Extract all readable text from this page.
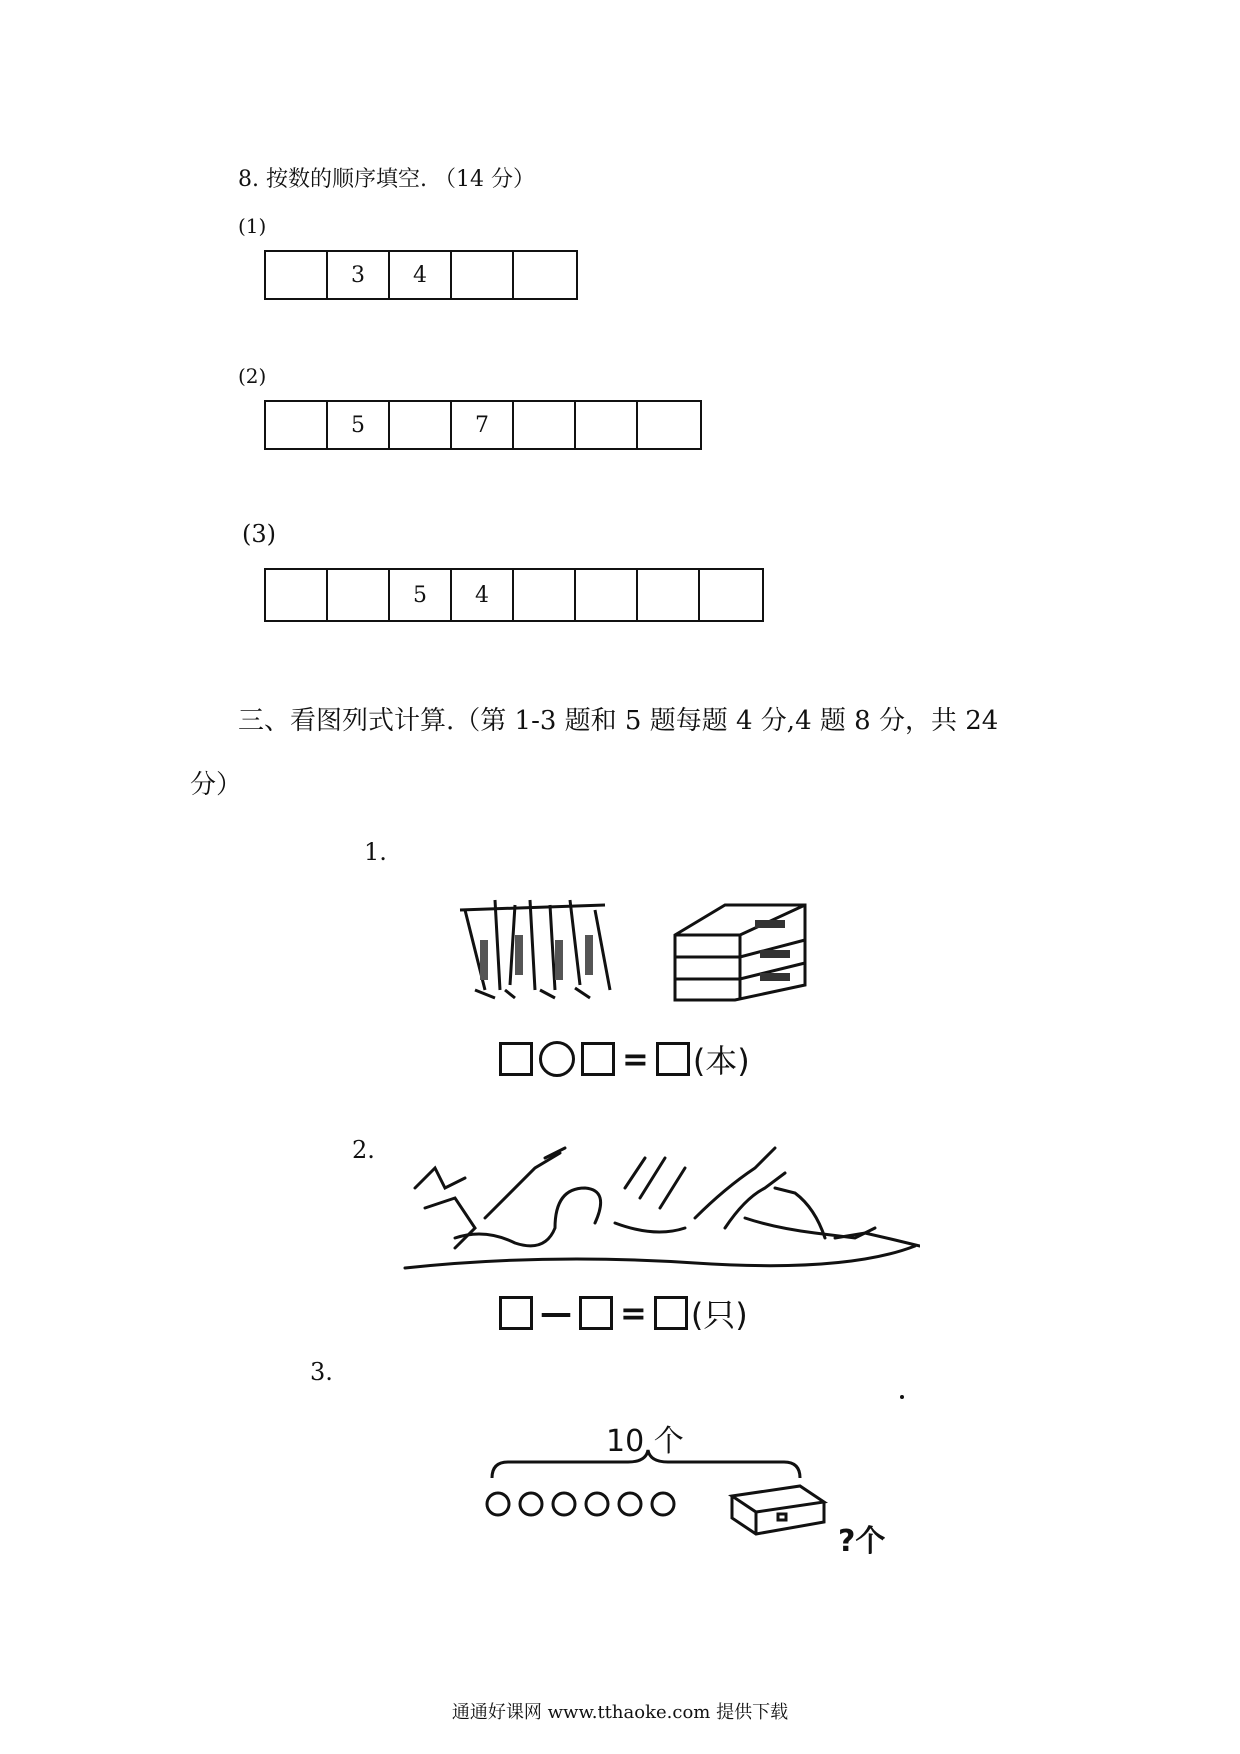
8. 按数的顺序填空. （14 分）
(1)
3	4
(2)
5	7
(3)
5	4
三、看图列式计算.（第 1-3 题和 5 题每题 4 分,4 题 8 分，共 24
分）
1.
= (本)
2.
— = (只)
3.
10 个
?个
通通好课网 www.tthaoke.com 提供下载
